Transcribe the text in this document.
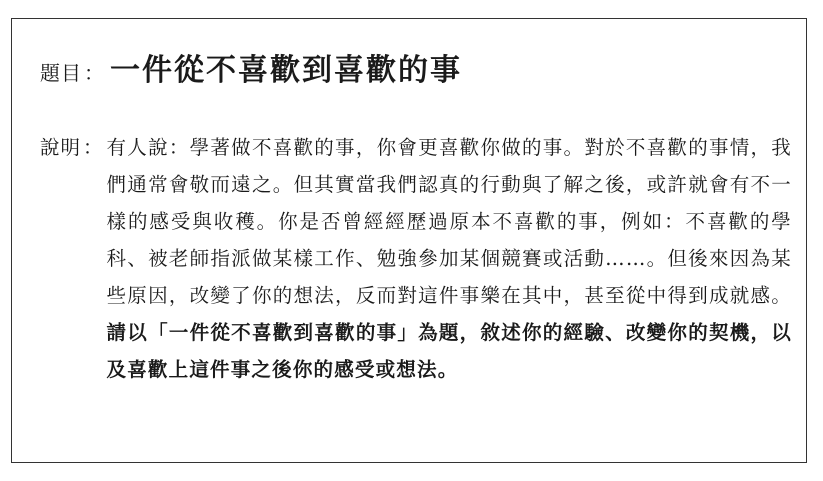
題目 ： 一件從不喜歡到喜歡的事
說明 ： 有人說：學著做不喜歡的事，你會更喜歡你做的事。對於不喜歡的事情，我們通常會敬而遠之。但其實當我們認真的行動與了解之後，或許就會有不一樣的感受與收穫。你是否曾經經歷過原本不喜歡的事，例如：不喜歡的學科、被老師指派做某樣工作、勉強參加某個競賽或活動……。但後來因為某些原因，改變了你的想法，反而對這件事樂在其中，甚至從中得到成就感。請以「一件從不喜歡到喜歡的事」為題，敘述你的經驗、改變你的契機，以及喜歡上這件事之後你的感受或想法。
